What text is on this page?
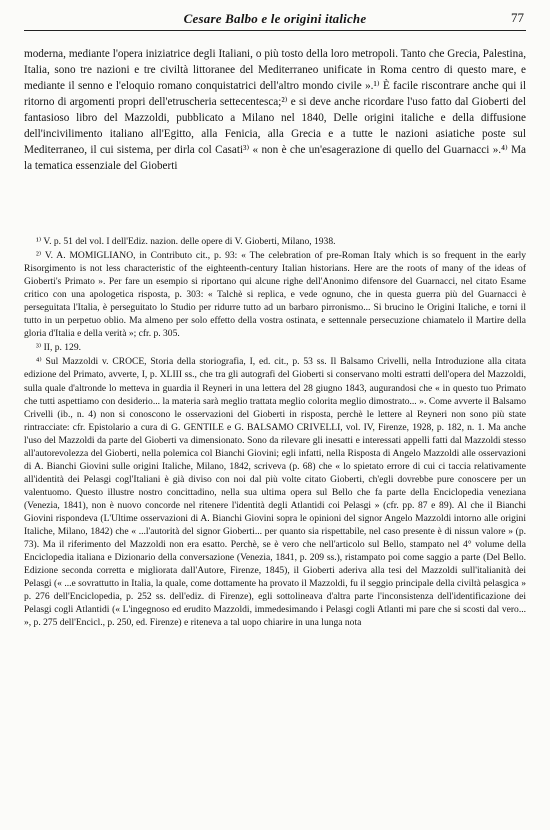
Cesare Balbo e le origini italiche	77
moderna, mediante l'opera iniziatrice degli Italiani, o più tosto della loro metropoli. Tanto che Grecia, Palestina, Italia, sono tre nazioni e tre civiltà littoranee del Mediterraneo unificate in Roma centro di questo mare, e mediante il senno e l'eloquio romano conquistatrici dell'altro mondo civile ».¹⁾ È facile riscontrare anche qui il ritorno di argomenti propri dell'etruscheria settecentesca;²⁾ e si deve anche ricordare l'uso fatto dal Gioberti del fantasioso libro del Mazzoldi, pubblicato a Milano nel 1840, Delle origini italiche e della diffusione dell'incivilimento italiano all'Egitto, alla Fenicia, alla Grecia e a tutte le nazioni asiatiche poste sul Mediterraneo, il cui sistema, per dirla col Casati³⁾ « non è che un'esagerazione di quello del Guarnacci ».⁴⁾ Ma la tematica essenziale del Gioberti

¹⁾ V. p. 51 del vol. I dell'Ediz. nazion. delle opere di V. Gioberti, Milano, 1938.

²⁾ V. A. MOMIGLIANO, in Contributo cit., p. 93: « The celebration of pre-Roman Italy which is so frequent in the early Risorgimento is not less characteristic of the eighteenth-century Italian historians. Here are the roots of many of the ideas of Gioberti's Primato ». Per fare un esempio si riportano qui alcune righe dell'Anonimo difensore del Guarnacci, nel citato Esame critico con una apologetica risposta, p. 303: « Talchè si replica, e vede ognuno, che in questa guerra più del Guarnacci è perseguitata l'Italia, è perseguitato lo Studio per ridurre tutto ad un barbaro pirronismo... Si brucino le Origini Italiche, e torni il tutto in un perpetuo oblio. Ma almeno per solo effetto della vostra ostinata, e settennale persecuzione chiamatelo il Martire della gloria d'Italia e della verità »; cfr. p. 305.

³⁾ II, p. 129.

⁴⁾ Sul Mazzoldi v. CROCE, Storia della storiografia, I, ed. cit., p. 53 ss. Il Balsamo Crivelli, nella Introduzione alla citata edizione del Primato, avverte, I, p. XLIII ss., che tra gli autografi del Gioberti si conservano molti estratti dell'opera del Mazzoldi, sulla quale d'altronde lo metteva in guardia il Reyneri in una lettera del 28 giugno 1843, augurandosi che « in questo tuo Primato che tutti aspettiamo con desiderio... la materia sarà meglio trattata meglio colorita meglio dimostrato... ». Come avverte il Balsamo Crivelli (ib., n. 4) non si conoscono le osservazioni del Gioberti in risposta, perchè le lettere al Reyneri non sono più state rintracciate: cfr. Epistolario a cura di G. GENTILE e G. BALSAMO CRIVELLI, vol. IV, Firenze, 1928, p. 182, n. 1. Ma anche l'uso del Mazzoldi da parte del Gioberti va dimensionato. Sono da rilevare gli inesatti e interessati appelli fatti dal Mazzoldi stesso all'autorevolezza del Gioberti, nella polemica col Bianchi Giovini; egli infatti, nella Risposta di Angelo Mazzoldi alle osservazioni di A. Bianchi Giovini sulle origini Italiche, Milano, 1842, scriveva (p. 68) che « lo spietato errore di cui ci taccia relativamente all'identità dei Pelasgi cogl'Italiani è già diviso con noi dal più volte citato Gioberti, ch'egli dovrebbe pure conoscere per un valentuomo. Questo illustre nostro concittadino, nella sua ultima opera sul Bello che fa parte della Enciclopedia veneziana (Venezia, 1841), non è nuovo concorde nel ritenere l'identità degli Atlantidi coi Pelasgi » (cfr. pp. 87 e 89). Al che il Bianchi Giovini rispondeva (L'Ultime osservazioni di A. Bianchi Giovini sopra le opinioni del signor Angelo Mazzoldi intorno alle origini Italiche, Milano, 1842) che « ...l'autorità del signor Gioberti... per quanto sia rispettabile, nel caso presente è di nissun valore » (p. 73). Ma il riferimento del Mazzoldi non era esatto. Perchè, se è vero che nell'articolo sul Bello, stampato nel 4° volume della Enciclopedia italiana e Dizionario della conversazione (Venezia, 1841, p. 209 ss.), ristampato poi come saggio a parte (Del Bello. Edizione seconda corretta e migliorata dall'Autore, Firenze, 1845), il Gioberti aderiva alla tesi del Mazzoldi sull'italianità dei Pelasgi (« ...e sovrattutto in Italia, la quale, come dottamente ha provato il Mazzoldi, fu il seggio principale della civiltà pelasgica » p. 276 dell'Enciclopedia, p. 252 ss. dell'ediz. di Firenze), egli sottolineava d'altra parte l'inconsistenza dell'identificazione dei Pelasgi cogli Atlantidi (« L'ingegnoso ed erudito Mazzoldi, immedesimando i Pelasgi cogli Atlanti mi pare che si scosti dal vero... », p. 275 dell'Encicl., p. 250, ed. Firenze) e riteneva a tal uopo chiarire in una lunga nota
